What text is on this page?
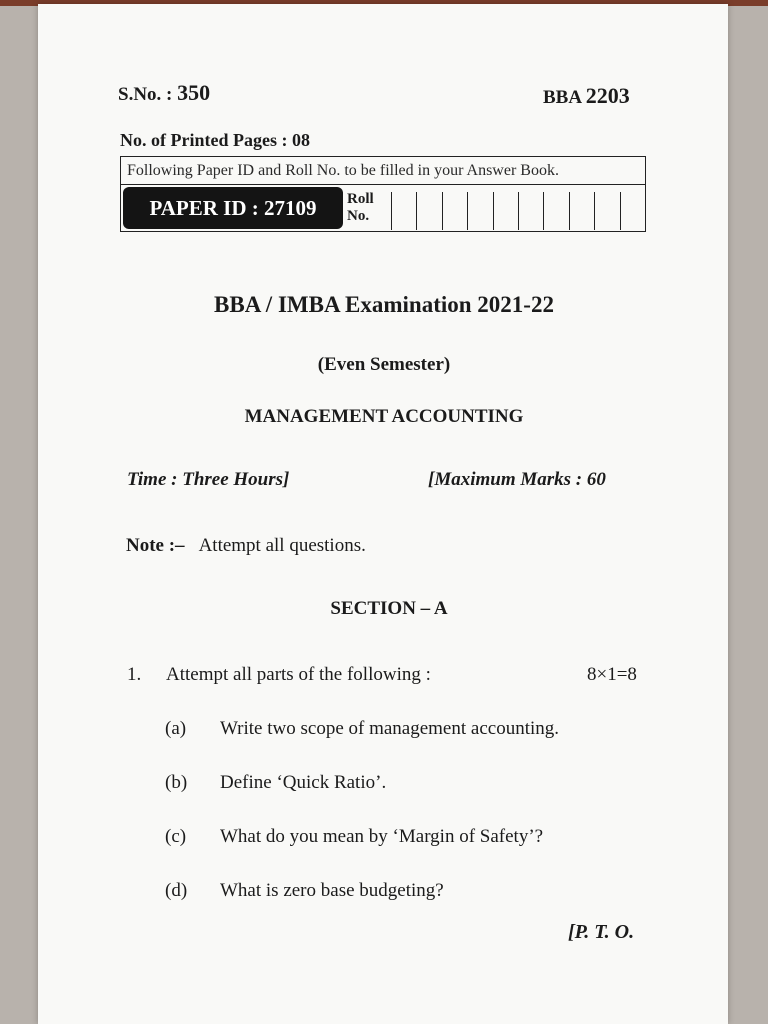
S.No. : 350	BBA 2203
No. of Printed Pages : 08
Following Paper ID and Roll No. to be filled in your Answer Book.
PAPER ID : 27109	Roll
No.
BBA / IMBA Examination 2021-22
(Even Semester)
MANAGEMENT ACCOUNTING
Time : Three Hours]	[Maximum Marks : 60
Note :– Attempt all questions.
SECTION – A
1. Attempt all parts of the following :	8×1=8
(a) Write two scope of management accounting.
(b) Define ‘Quick Ratio’.
(c) What do you mean by ‘Margin of Safety’?
(d) What is zero base budgeting?
[P. T. O.
